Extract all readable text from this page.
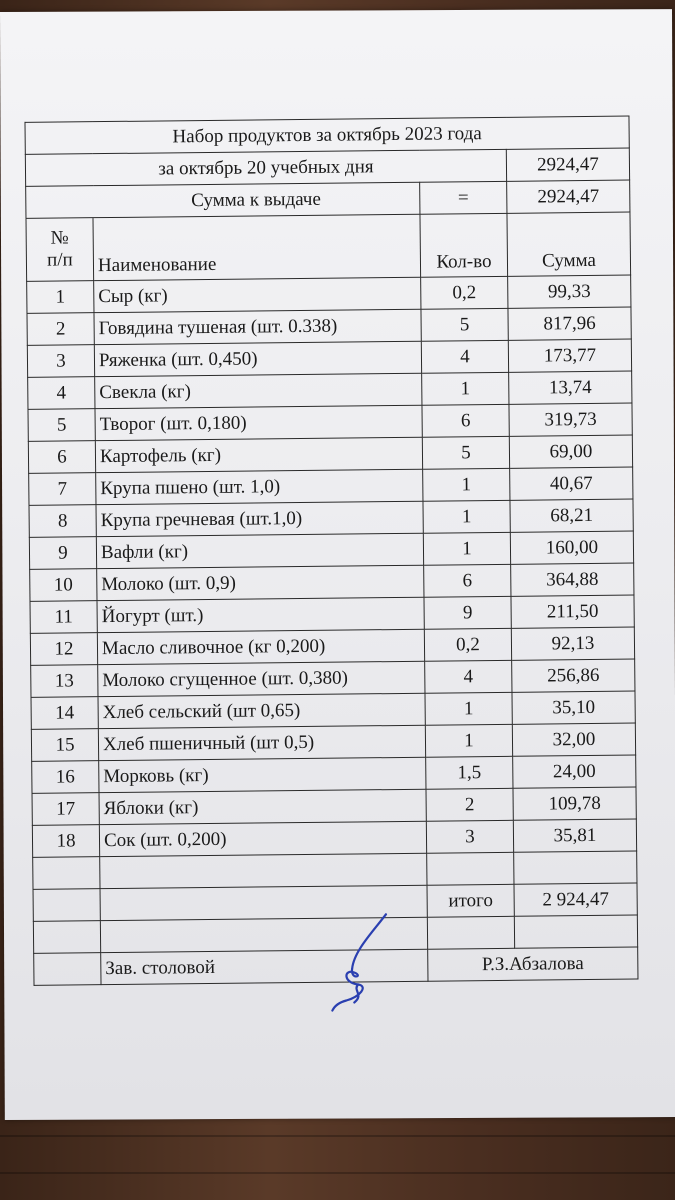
Набор продуктов за октябрь 2023 года			
за октябрь 20 учебных дня			2924,47
	Сумма к выдаче	=	2924,47

№
п/п	Наименование	Кол-во	Сумма
1	Сыр (кг)	0,2	99,33
2	Говядина тушеная (шт. 0.338)	5	817,96
3	Ряженка (шт. 0,450)	4	173,77
4	Свекла (кг)	1	13,74
5	Творог (шт. 0,180)	6	319,73
6	Картофель (кг)	5	69,00
7	Крупа пшено (шт. 1,0)	1	40,67
8	Крупа гречневая (шт.1,0)	1	68,21
9	Вафли (кг)	1	160,00
10	Молоко (шт. 0,9)	6	364,88
11	Йогурт (шт.)	9	211,50
12	Масло сливочное (кг 0,200)	0,2	92,13
13	Молоко сгущенное (шт. 0,380)	4	256,86
14	Хлеб сельский (шт 0,65)	1	35,10
15	Хлеб пшеничный (шт 0,5)	1	32,00
16	Морковь (кг)	1,5	24,00
17	Яблоки (кг)	2	109,78
18	Сок (шт. 0,200)	3	35,81

		итого	2 924,47

	Зав. столовой	Р.З.Абзалова	
